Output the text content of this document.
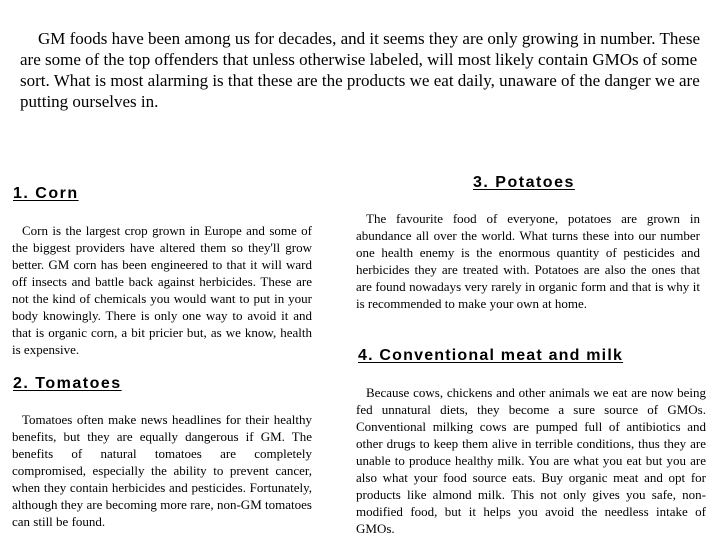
GM foods have been among us for decades, and it seems they are only growing in number. These are some of the top offenders that unless otherwise labeled, will most likely contain GMOs of some sort. What is most alarming is that these are the products we eat daily, unaware of the danger we are putting ourselves in.

1. Corn

Corn is the largest crop grown in Europe and some of the biggest providers have altered them so they'll grow better. GM corn has been engineered to that it will ward off insects and battle back against herbicides. These are not the kind of chemicals you would want to put in your body knowingly. There is only one way to avoid it and that is organic corn, a bit pricier but, as we know, health is expensive.

2. Tomatoes

Tomatoes often make news headlines for their healthy benefits, but they are equally dangerous if GM. The benefits of natural tomatoes are completely compromised, especially the ability to prevent cancer, when they contain herbicides and pesticides. Fortunately, although they are becoming more rare, non-GM tomatoes can still be found.

3. Potatoes

The favourite food of everyone, potatoes are grown in abundance all over the world. What turns these into our number one health enemy is the enormous quantity of pesticides and herbicides they are treated with. Potatoes are also the ones that are found nowadays very rarely in organic form and that is why it is recommended to make your own at home.

4. Conventional meat and milk

Because cows, chickens and other animals we eat are now being fed unnatural diets, they become a sure source of GMOs. Conventional milking cows are pumped full of antibiotics and other drugs to keep them alive in terrible conditions, thus they are unable to produce healthy milk. You are what you eat but you are also what your food source eats. Buy organic meat and opt for products like almond milk. This not only gives you safe, non-modified food, but it helps you avoid the needless intake of GMOs.
